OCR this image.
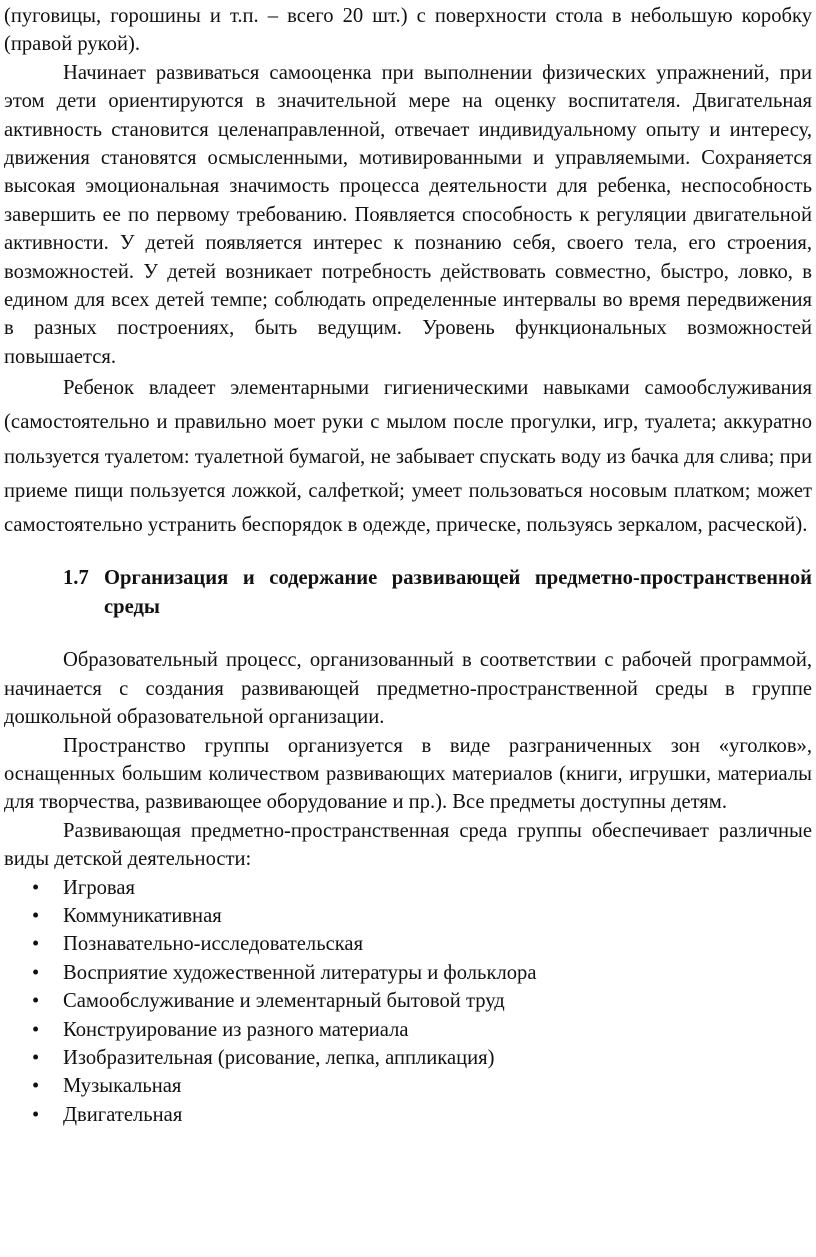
(пуговицы, горошины и т.п. – всего 20 шт.) с поверхности стола в небольшую коробку (правой рукой).

Начинает развиваться самооценка при выполнении физических упражнений, при этом дети ориентируются в значительной мере на оценку воспитателя. Двигательная активность становится целенаправленной, отвечает индивидуальному опыту и интересу, движения становятся осмысленными, мотивированными и управляемыми. Сохраняется высокая эмоциональная значимость процесса деятельности для ребенка, неспособность завершить ее по первому требованию. Появляется способность к регуляции двигательной активности. У детей появляется интерес к познанию себя, своего тела, его строения, возможностей. У детей возникает потребность действовать совместно, быстро, ловко, в едином для всех детей темпе; соблюдать определенные интервалы во время передвижения в разных построениях, быть ведущим. Уровень функциональных возможностей повышается.

Ребенок владеет элементарными гигиеническими навыками самообслуживания (самостоятельно и правильно моет руки с мылом после прогулки, игр, туалета; аккуратно пользуется туалетом: туалетной бумагой, не забывает спускать воду из бачка для слива; при приеме пищи пользуется ложкой, салфеткой; умеет пользоваться носовым платком; может самостоятельно устранить беспорядок в одежде, прическе, пользуясь зеркалом, расческой).

1.7 Организация и содержание развивающей предметно-пространственной среды

Образовательный процесс, организованный в соответствии с рабочей программой, начинается с создания развивающей предметно-пространственной среды в группе дошкольной образовательной организации.

Пространство группы организуется в виде разграниченных зон «уголков», оснащенных большим количеством развивающих материалов (книги, игрушки, материалы для творчества, развивающее оборудование и пр.). Все предметы доступны детям.

Развивающая предметно-пространственная среда группы обеспечивает различные виды детской деятельности:

•	Игровая
•	Коммуникативная
•	Познавательно-исследовательская
•	Восприятие художественной литературы и фольклора
•	Самообслуживание и элементарный бытовой труд
•	Конструирование из разного материала
•	Изобразительная (рисование, лепка, аппликация)
•	Музыкальная
•	Двигательная
